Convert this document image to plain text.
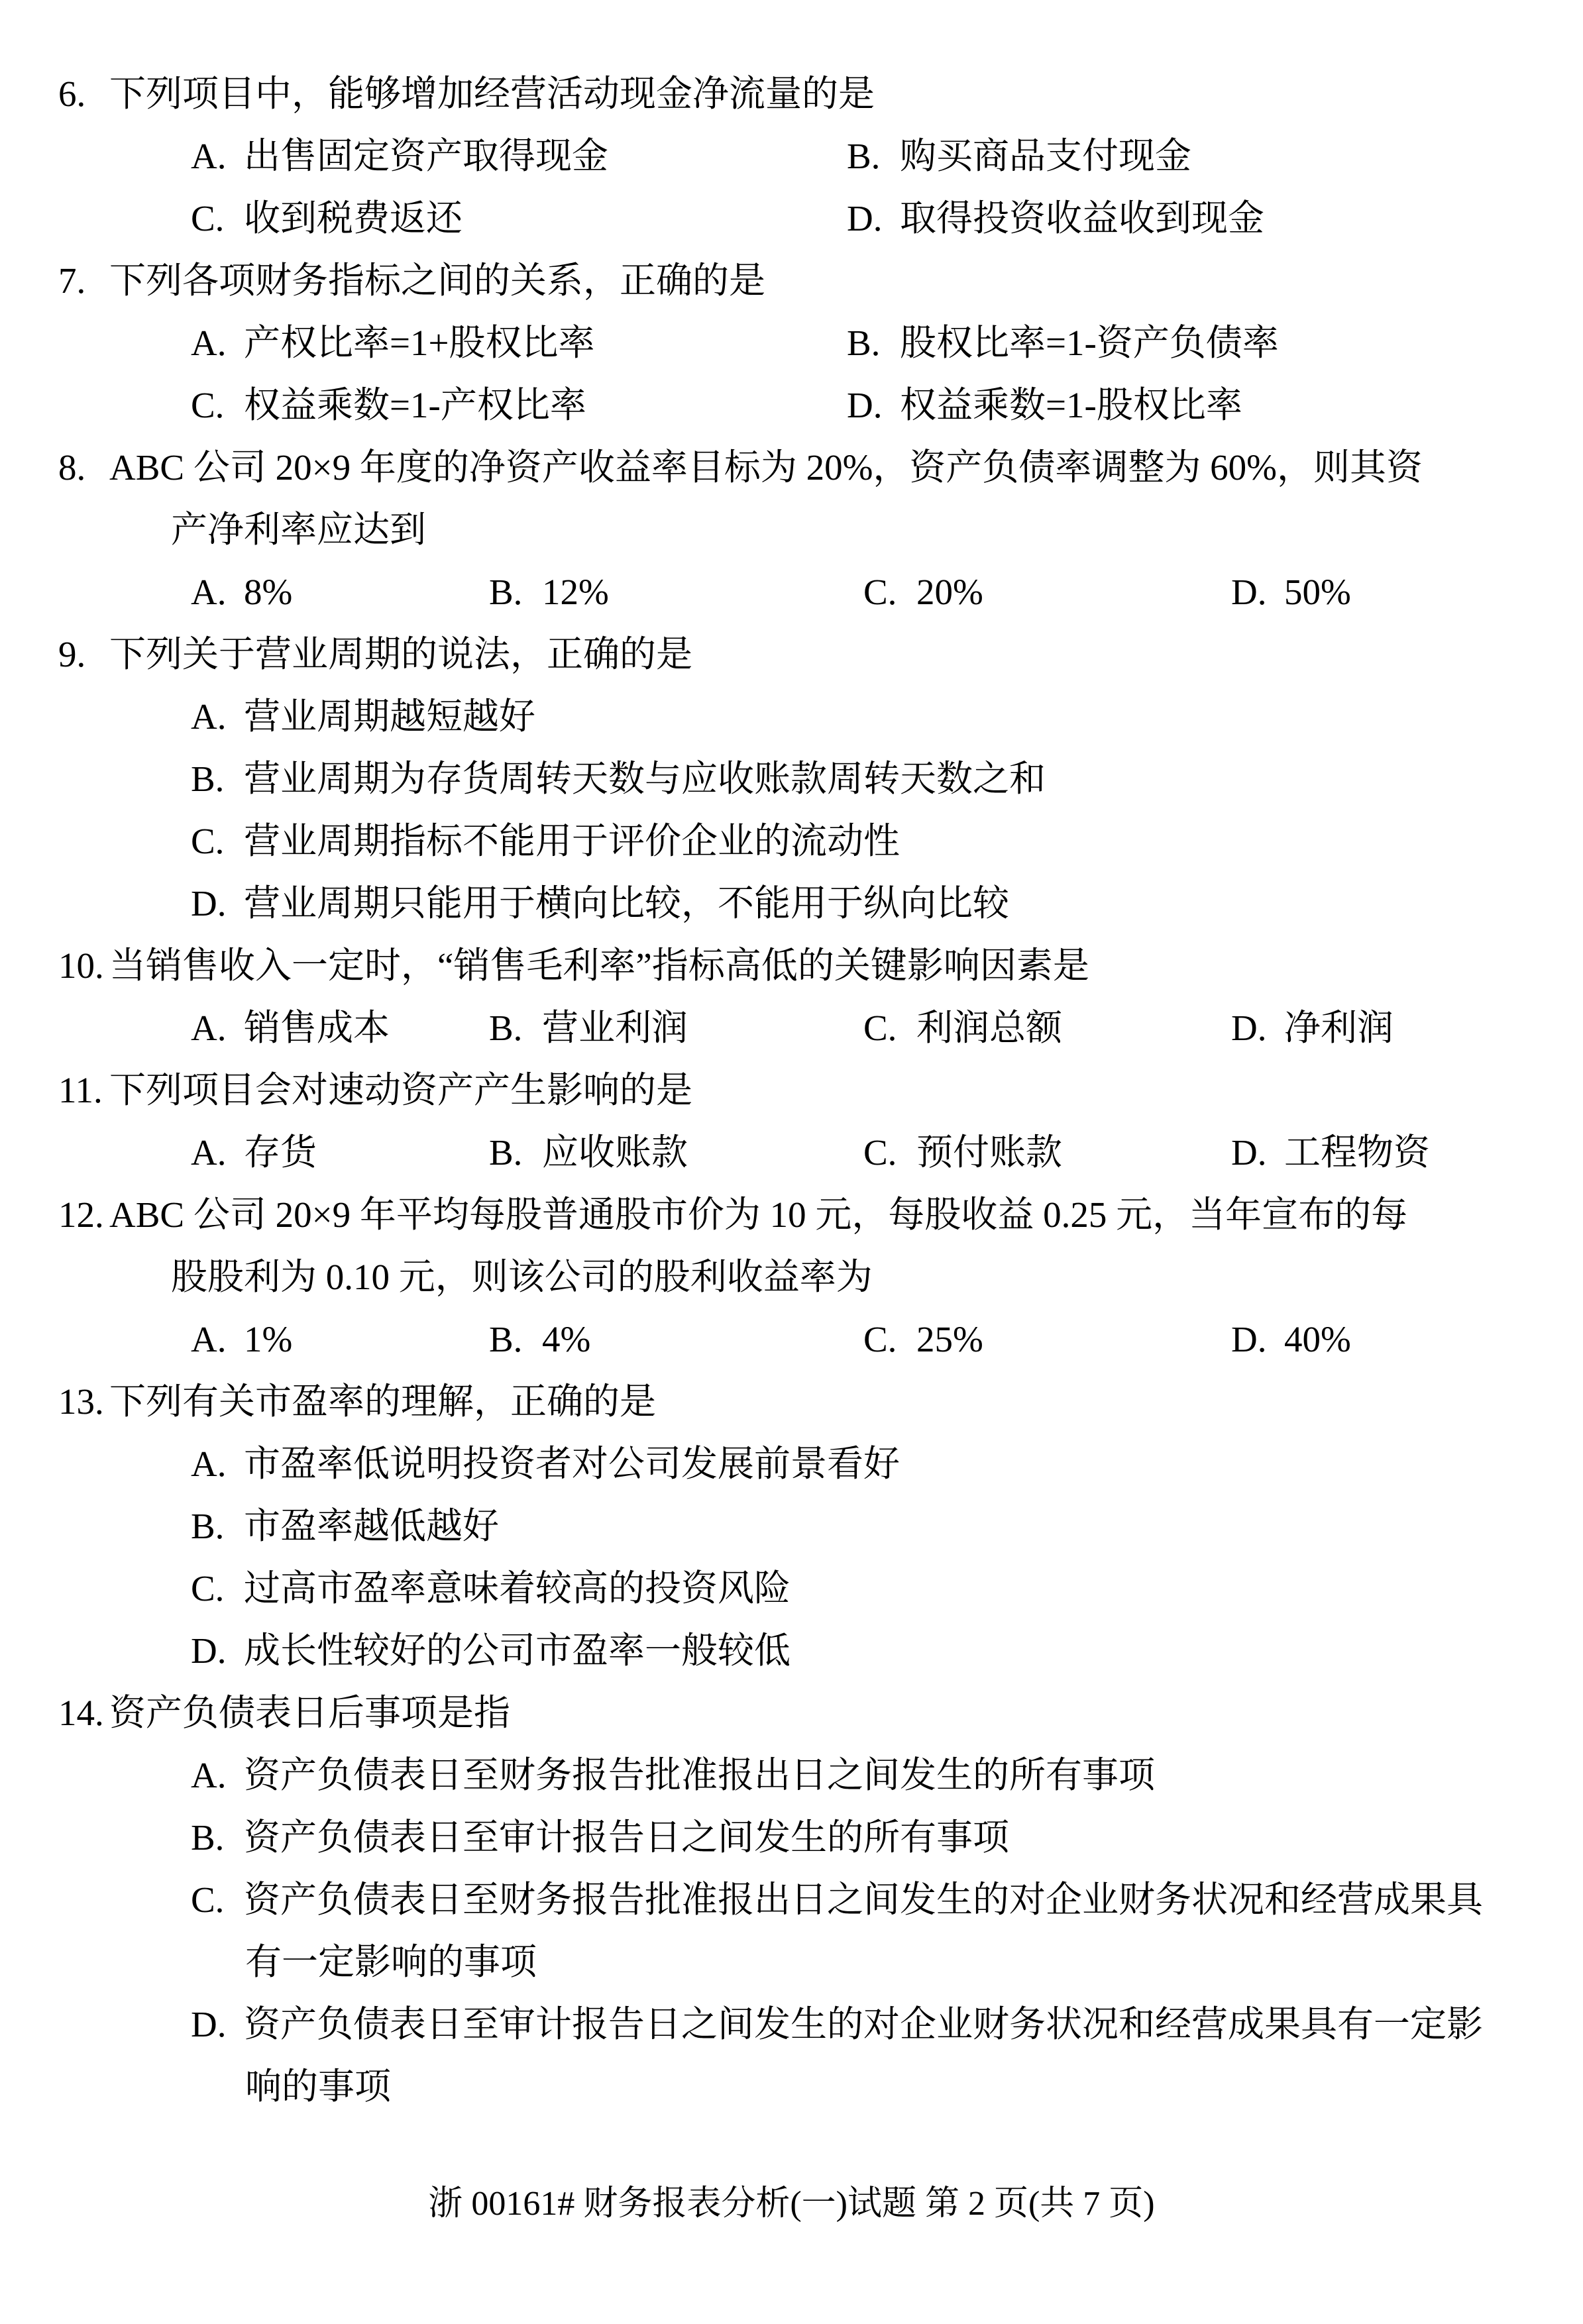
6. 下列项目中，能够增加经营活动现金净流量的是
A. 出售固定资产取得现金	B. 购买商品支付现金
C. 收到税费返还	D. 取得投资收益收到现金
7. 下列各项财务指标之间的关系，正确的是
A. 产权比率=1+股权比率	B. 股权比率=1-资产负债率
C. 权益乘数=1-产权比率	D. 权益乘数=1-股权比率
8. ABC 公司 20×9 年度的净资产收益率目标为 20%，资产负债率调整为 60%，则其资
产净利率应达到
A. 8%	B. 12%	C. 20%	D. 50%
9. 下列关于营业周期的说法，正确的是
A. 营业周期越短越好
B. 营业周期为存货周转天数与应收账款周转天数之和
C. 营业周期指标不能用于评价企业的流动性
D. 营业周期只能用于横向比较，不能用于纵向比较
10. 当销售收入一定时，“销售毛利率”指标高低的关键影响因素是
A. 销售成本	B. 营业利润	C. 利润总额	D. 净利润
11. 下列项目会对速动资产产生影响的是
A. 存货	B. 应收账款	C. 预付账款	D. 工程物资
12. ABC 公司 20×9 年平均每股普通股市价为 10 元，每股收益 0.25 元，当年宣布的每
股股利为 0.10 元，则该公司的股利收益率为
A. 1%	B. 4%	C. 25%	D. 40%
13. 下列有关市盈率的理解，正确的是
A. 市盈率低说明投资者对公司发展前景看好
B. 市盈率越低越好
C. 过高市盈率意味着较高的投资风险
D. 成长性较好的公司市盈率一般较低
14. 资产负债表日后事项是指
A. 资产负债表日至财务报告批准报出日之间发生的所有事项
B. 资产负债表日至审计报告日之间发生的所有事项
C. 资产负债表日至财务报告批准报出日之间发生的对企业财务状况和经营成果具
有一定影响的事项
D. 资产负债表日至审计报告日之间发生的对企业财务状况和经营成果具有一定影
响的事项
浙 00161# 财务报表分析(一)试题 第 2 页(共 7 页)
